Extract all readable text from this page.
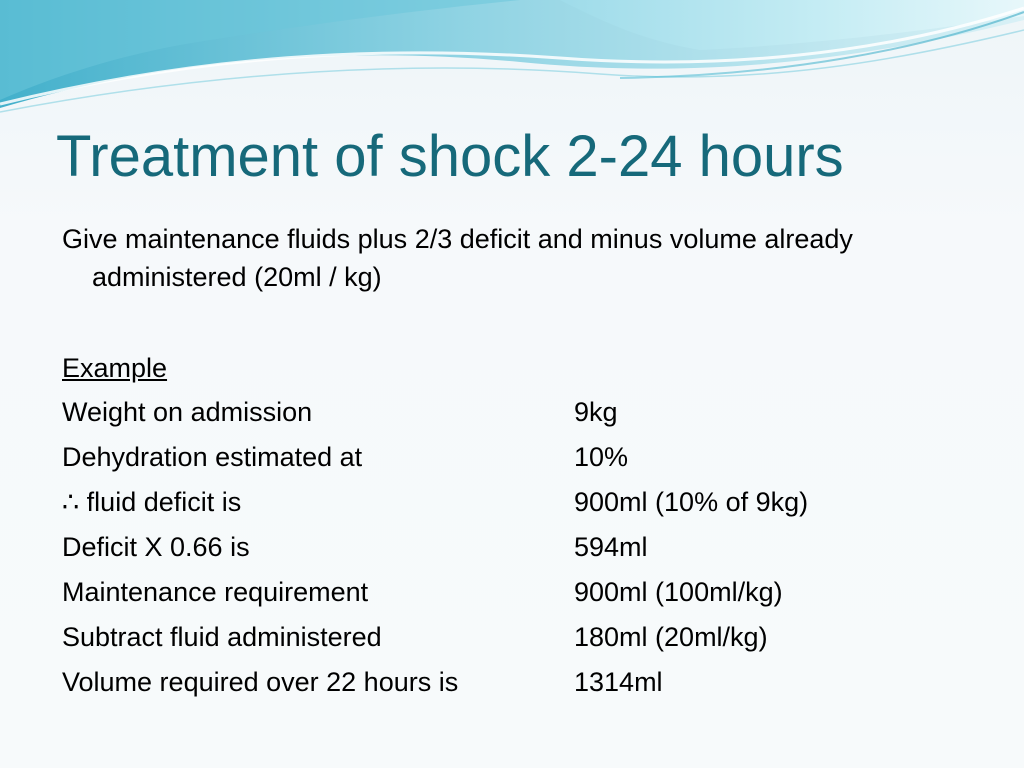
Treatment of shock 2-24 hours

Give maintenance fluids plus 2/3 deficit and minus volume already administered (20ml / kg)

Example
Weight on admission	9kg
Dehydration estimated at	10%
∴ fluid deficit is	900ml (10% of 9kg)
Deficit X 0.66 is	594ml
Maintenance requirement	900ml (100ml/kg)
Subtract fluid administered	180ml (20ml/kg)
Volume required over 22 hours is	1314ml
